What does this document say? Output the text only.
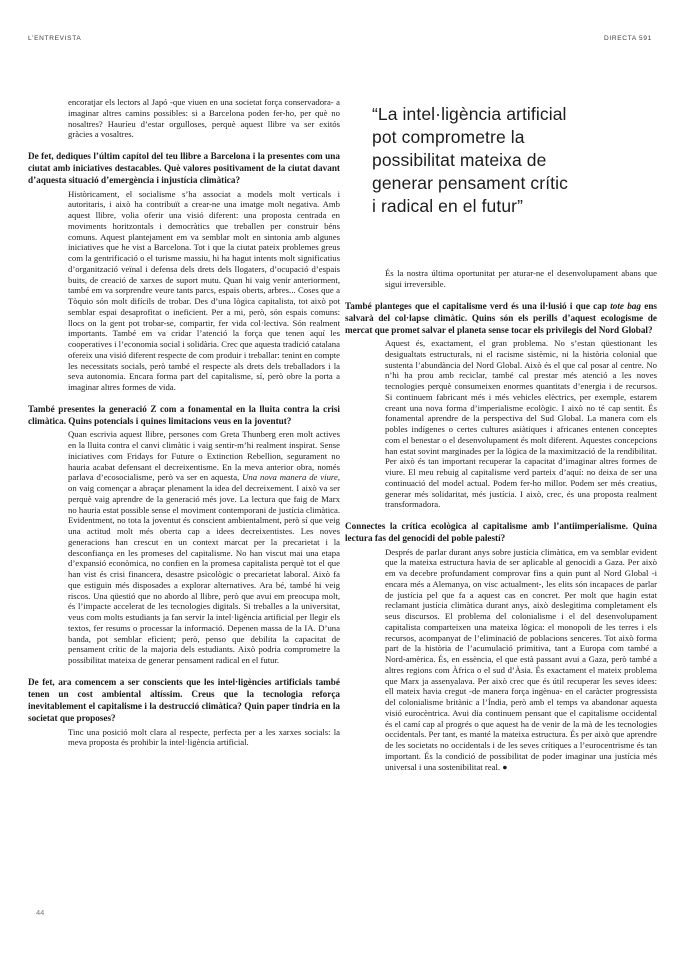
L’ENTREVISTA	DIRECTA 591
encoratjar els lectors al Japó -que viuen en una societat força conservadora- a imaginar altres camins possibles: si a Barcelona poden fer-ho, per què no nosaltres? Hauríeu d’estar orgulloses, perquè aquest llibre va ser exitós gràcies a vosaltres.
De fet, dediques l’últim capítol del teu llibre a Barcelona i la presentes com una ciutat amb iniciatives destacables. Què valores positivament de la ciutat davant d’aquesta situació d’emergència i injustícia climàtica?
Històricament, el socialisme s’ha associat a models molt verticals i autoritaris, i això ha contribuït a crear-ne una imatge molt negativa. Amb aquest llibre, volia oferir una visió diferent: una proposta centrada en moviments horitzontals i democràtics que treballen per construir béns comuns. Aquest plantejament em va semblar molt en sintonia amb algunes iniciatives que he vist a Barcelona. Tot i que la ciutat pateix problemes greus com la gentrificació o el turisme massiu, hi ha hagut intents molt significatius d’organització veïnal i defensa dels drets dels llogaters, d’ocupació d’espais buits, de creació de xarxes de suport mutu. Quan hi vaig venir anteriorment, també em va sorprendre veure tants parcs, espais oberts, arbres... Coses que a Tòquio són molt difícils de trobar. Des d’una lògica capitalista, tot això pot semblar espai desaprofitat o ineficient. Per a mi, però, són espais comuns: llocs on la gent pot trobar-se, compartir, fer vida col·lectiva. Són realment importants. També em va cridar l’atenció la força que tenen aquí les cooperatives i l’economia social i solidària. Crec que aquesta tradició catalana ofereix una visió diferent respecte de com produir i treballar: tenint en compte les necessitats socials, però també el respecte als drets dels treballadors i la seva autonomia. Encara forma part del capitalisme, sí, però obre la porta a imaginar altres formes de vida.
També presentes la generació Z com a fonamental en la lluita contra la crisi climàtica. Quins potencials i quines limitacions veus en la joventut?
Quan escrivia aquest llibre, persones com Greta Thunberg eren molt actives en la lluita contra el canvi climàtic i vaig sentir-m’hi realment inspirat. Sense iniciatives com Fridays for Future o Extinction Rebellion, segurament no hauria acabat defensant el decreixentisme. En la meva anterior obra, només parlava d’ecosocialisme, però va ser en aquesta, Una nova manera de viure, on vaig començar a abraçar plenament la idea del decreixement. I això va ser perquè vaig aprendre de la generació més jove. La lectura que faig de Marx no hauria estat possible sense el moviment contemporani de justícia climàtica. Evidentment, no tota la joventut és conscient ambientalment, però sí que veig una actitud molt més oberta cap a idees decreixentistes. Les noves generacions han crescut en un context marcat per la precarietat i la desconfiança en les promeses del capitalisme. No han viscut mai una etapa d’expansió econòmica, no confien en la promesa capitalista perquè tot el que han vist és crisi financera, desastre psicològic o precarietat laboral. Això fa que estiguin més disposades a explorar alternatives. Ara bé, també hi veig riscos. Una qüestió que no abordo al llibre, però que avui em preocupa molt, és l’impacte accelerat de les tecnologies digitals. Si treballes a la universitat, veus com molts estudiants ja fan servir la intel·ligència artificial per llegir els textos, fer resums o processar la informació. Depenen massa de la IA. D’una banda, pot semblar eficient; però, penso que debilita la capacitat de pensament crític de la majoria dels estudiants. Això podria comprometre la possibilitat mateixa de generar pensament radical en el futur.
De fet, ara comencem a ser conscients que les intel·ligències artificials també tenen un cost ambiental altíssim. Creus que la tecnologia reforça inevitablement el capitalisme i la destrucció climàtica? Quin paper tindria en la societat que proposes?
Tinc una posició molt clara al respecte, perfecta per a les xarxes socials: la meva proposta és prohibir la intel·ligència artificial.
“La intel·ligència artificial
pot comprometre la
possibilitat mateixa de
generar pensament crític
i radical en el futur”
És la nostra última oportunitat per aturar-ne el desenvolupament abans que sigui irreversible.
També planteges que el capitalisme verd és una il·lusió i que cap tote bag ens salvarà del col·lapse climàtic. Quins són els perills d’aquest ecologisme de mercat que promet salvar el planeta sense tocar els privilegis del Nord Global?
Aquest és, exactament, el gran problema. No s’estan qüestionant les desigualtats estructurals, ni el racisme sistèmic, ni la història colonial que sustenta l’abundància del Nord Global. Això és el que cal posar al centre. No n’hi ha prou amb reciclar, també cal prestar més atenció a les noves tecnologies perquè consumeixen enormes quantitats d’energia i de recursos. Si continuem fabricant més i més vehicles elèctrics, per exemple, estarem creant una nova forma d’imperialisme ecològic. I això no té cap sentit. És fonamental aprendre de la perspectiva del Sud Global. La manera com els pobles indígenes o certes cultures asiàtiques i africanes entenen conceptes com el benestar o el desenvolupament és molt diferent. Aquestes concepcions han estat sovint marginades per la lògica de la maximització de la rendibilitat. Per això és tan important recuperar la capacitat d’imaginar altres formes de viure. El meu rebuig al capitalisme verd parteix d’aquí: no deixa de ser una continuació del model actual. Podem fer-ho millor. Podem ser més creatius, generar més solidaritat, més justícia. I això, crec, és una proposta realment transformadora.
Connectes la crítica ecològica al capitalisme amb l’antiimperialisme. Quina lectura fas del genocidi del poble palestí?
Després de parlar durant anys sobre justícia climàtica, em va semblar evident que la mateixa estructura havia de ser aplicable al genocidi a Gaza. Per això em va decebre profundament comprovar fins a quin punt al Nord Global -i encara més a Alemanya, on visc actualment-, les elits són incapaces de parlar de justícia pel que fa a aquest cas en concret. Per molt que hagin estat reclamant justícia climàtica durant anys, això deslegitima completament els seus discursos. El problema del colonialisme i el del desenvolupament capitalista comparteixen una mateixa lògica: el monopoli de les terres i els recursos, acompanyat de l’eliminació de poblacions senceres. Tot això forma part de la història de l’acumulació primitiva, tant a Europa com també a Nord-amèrica. És, en essència, el que està passant avui a Gaza, però també a altres regions com Àfrica o el sud d’Àsia. És exactament el mateix problema que Marx ja assenyalava. Per això crec que és útil recuperar les seves idees: ell mateix havia cregut -de manera força ingènua- en el caràcter progressista del colonialisme britànic a l’Índia, però amb el temps va abandonar aquesta visió eurocèntrica. Avui dia continuem pensant que el capitalisme occidental és el camí cap al progrés o que aquest ha de venir de la mà de les tecnologies occidentals. Per tant, es manté la mateixa estructura. És per això que aprendre de les societats no occidentals i de les seves crítiques a l’eurocentrisme és tan important. És la condició de possibilitat de poder imaginar una justícia més universal i una sostenibilitat real. ●
44
